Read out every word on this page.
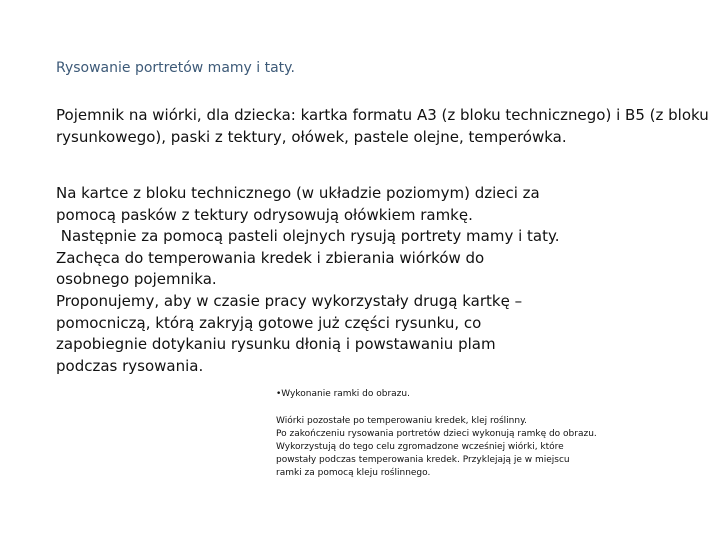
Rysowanie portretów mamy i taty.
Pojemnik na wiórki, dla dziecka: kartka formatu A3 (z bloku technicznego) i B5 (z bloku
rysunkowego), paski z tektury, ołówek, pastele olejne, temperówka.
Na kartce z bloku technicznego (w układzie poziomym) dzieci za
pomocą pasków z tektury odrysowują ołówkiem ramkę.
Następnie za pomocą pasteli olejnych rysują portrety mamy i taty.
Zachęca do temperowania kredek i zbierania wiórków do
osobnego pojemnika.
Proponujemy, aby w czasie pracy wykorzystały drugą kartkę –
pomocniczą, którą zakryją gotowe już części rysunku, co
zapobiegnie dotykaniu rysunku dłonią i powstawaniu plam
podczas rysowania.
•Wykonanie ramki do obrazu.
Wiórki pozostałe po temperowaniu kredek, klej roślinny.
Po zakończeniu rysowania portretów dzieci wykonują ramkę do obrazu.
Wykorzystują do tego celu zgromadzone wcześniej wiórki, które
powstały podczas temperowania kredek. Przyklejają je w miejscu
ramki za pomocą kleju roślinnego.
